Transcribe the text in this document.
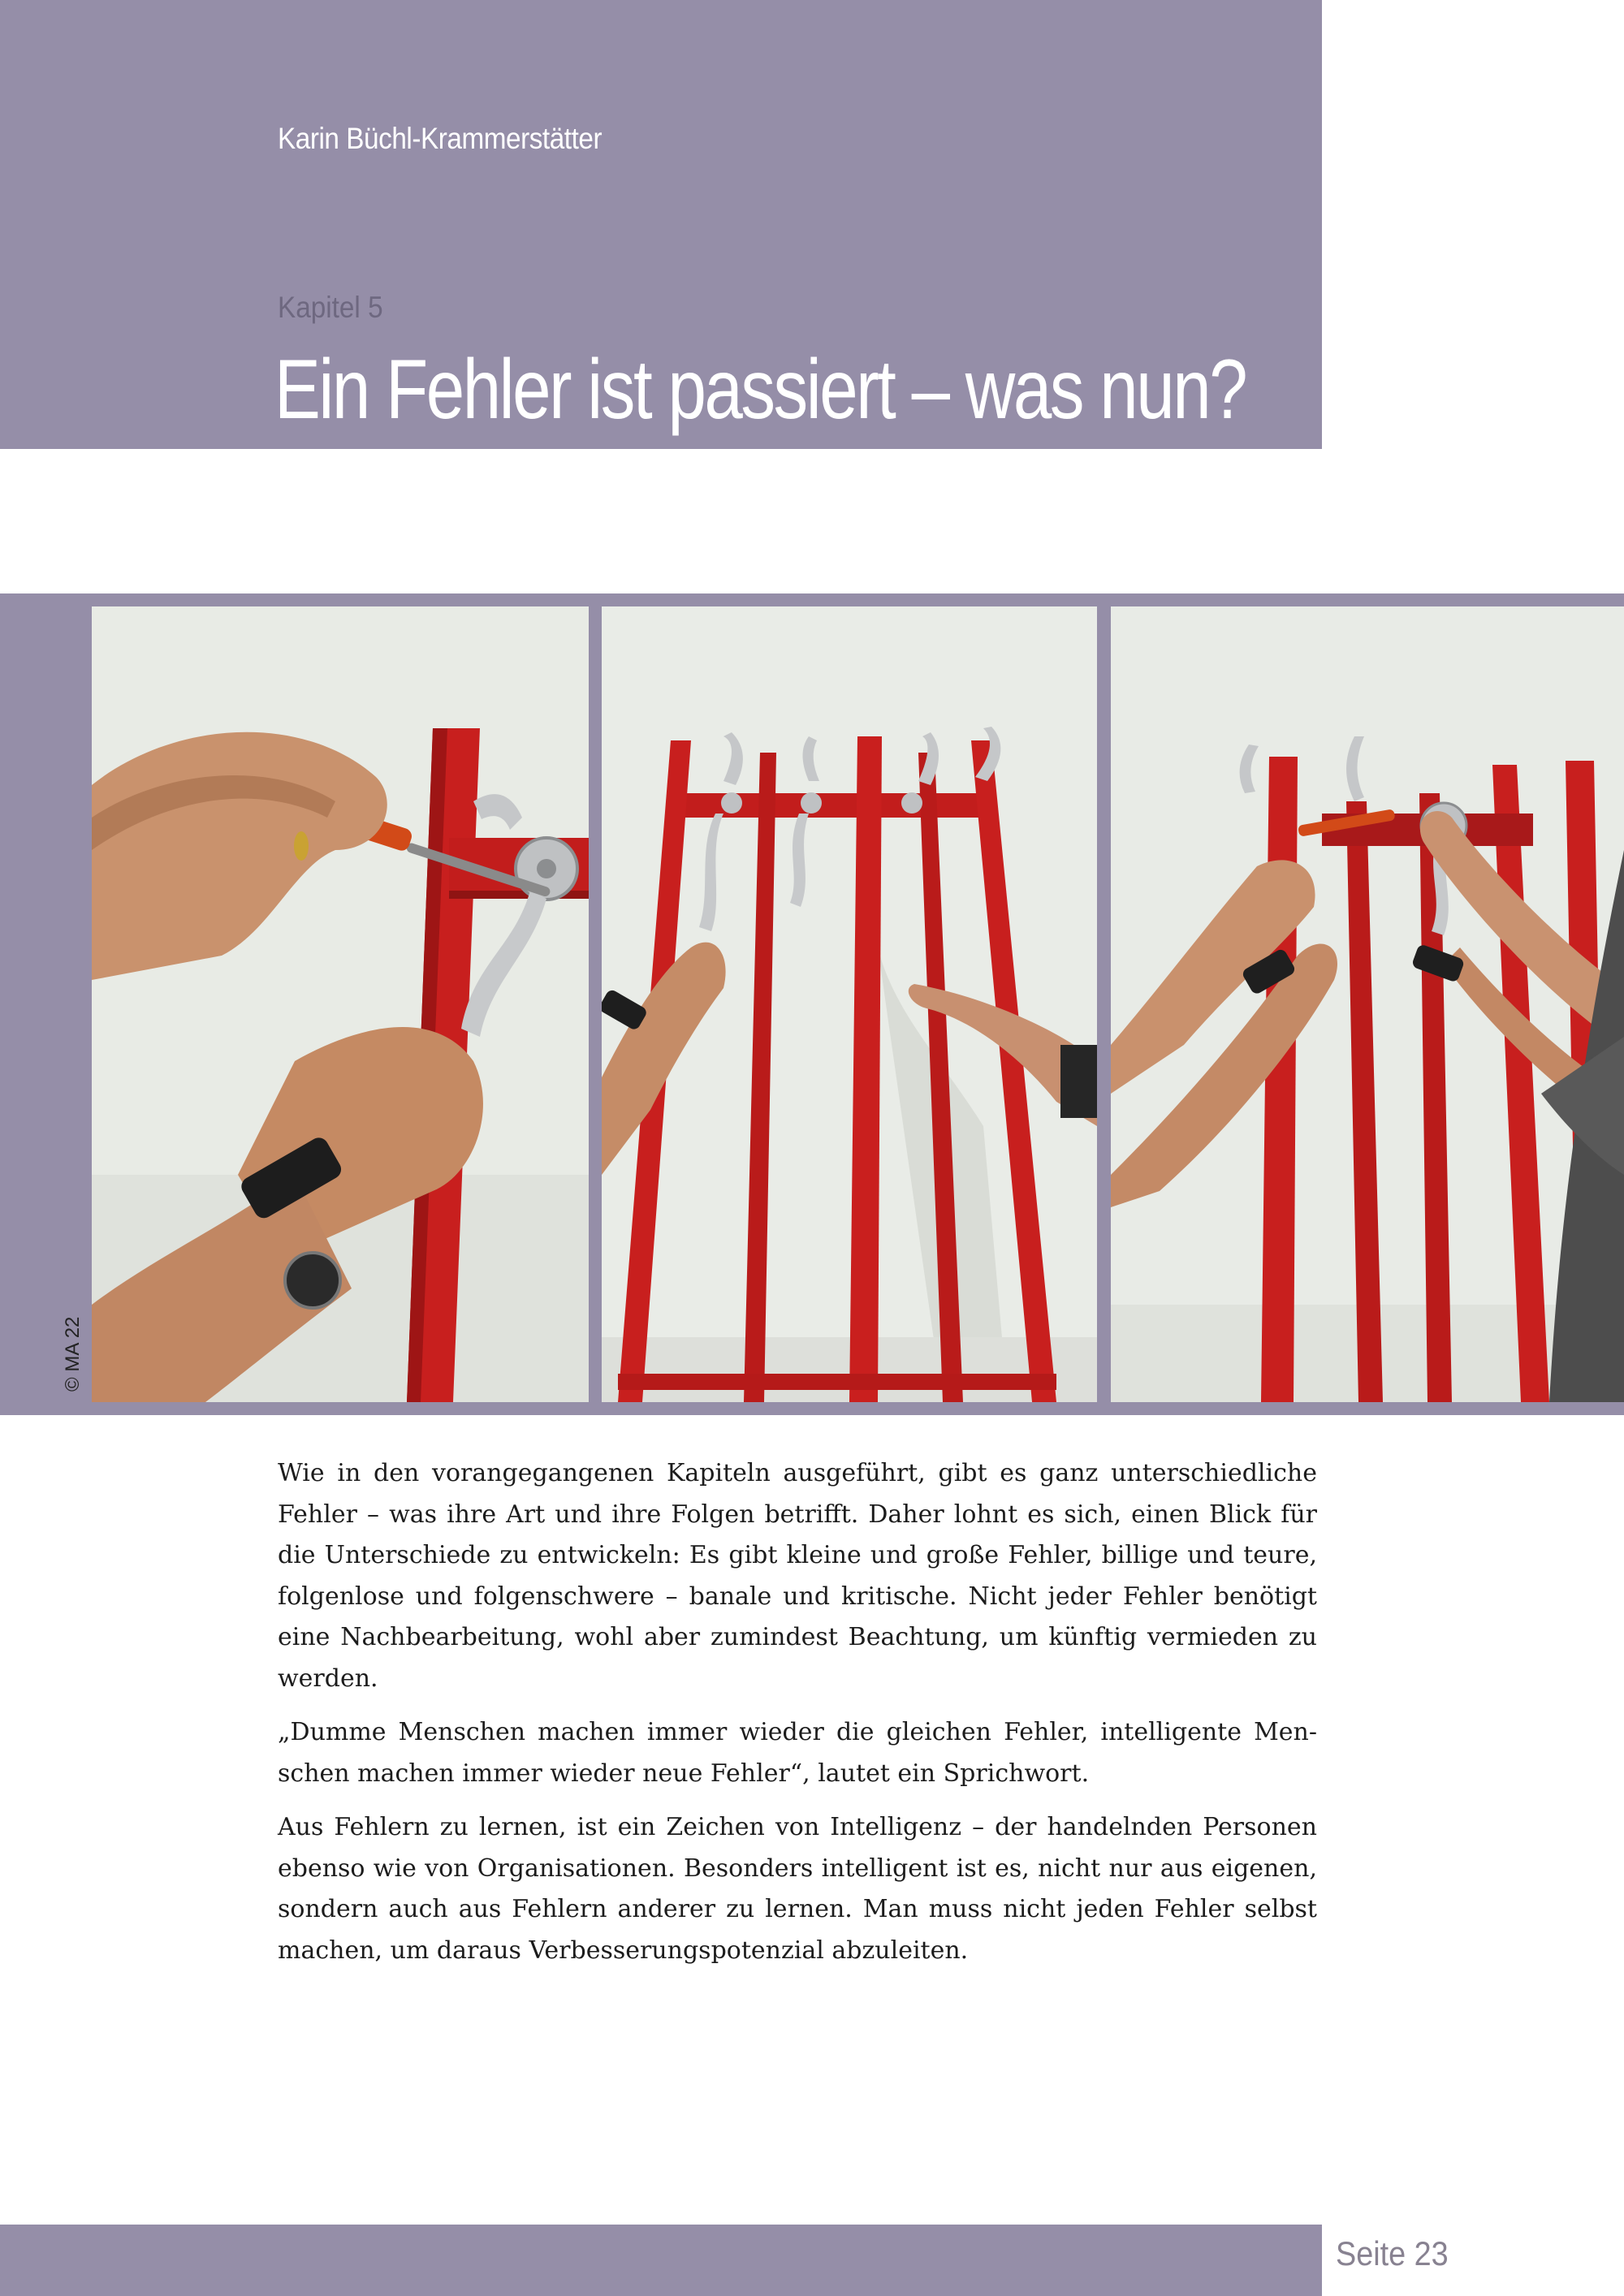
Karin Büchl-Krammerstätter
Kapitel 5
Ein Fehler ist passiert – was nun?
© MA 22

Wie in den vorangegangenen Kapiteln ausgeführt, gibt es ganz unterschiedliche Fehler – was ihre Art und ihre Folgen betrifft. Daher lohnt es sich, einen Blick für die Unterschiede zu entwickeln: Es gibt kleine und große Fehler, billige und teure, folgenlose und folgenschwere – banale und kritische. Nicht jeder Fehler benötigt eine Nachbearbeitung, wohl aber zumindest Beachtung, um künftig vermieden zu werden.

„Dumme Menschen machen immer wieder die gleichen Fehler, intelligente Menschen machen immer wieder neue Fehler“, lautet ein Sprichwort.

Aus Fehlern zu lernen, ist ein Zeichen von Intelligenz – der handelnden Personen ebenso wie von Organisationen. Besonders intelligent ist es, nicht nur aus eigenen, sondern auch aus Fehlern anderer zu lernen. Man muss nicht jeden Fehler selbst machen, um daraus Verbesserungspotenzial abzuleiten.

Seite 23
